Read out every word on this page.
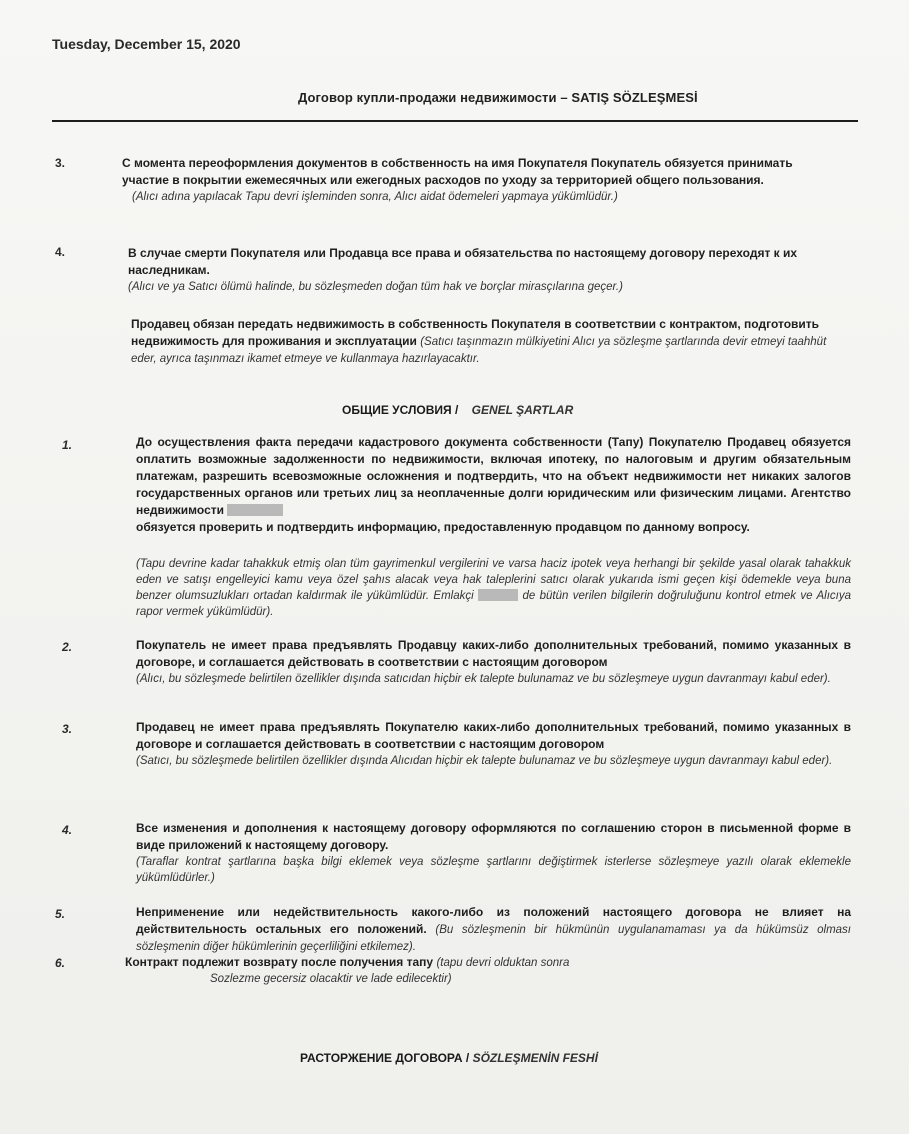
Tuesday, December 15, 2020
Договор купли-продажи недвижимости – SATIŞ SÖZLEŞMESİ
3.	С момента переоформления документов в собственность на имя Покупателя Покупатель обязуется принимать участие в покрытии ежемесячных или ежегодных расходов по уходу за территорией общего пользования.
(Alıcı adına yapılacak Tapu devri işleminden sonra, Alıcı aidat ödemeleri yapmaya yükümlüdür.)
4.	В случае смерти Покупателя или Продавца все права и обязательства по настоящему договору переходят к их наследникам.
(Alıcı ve ya Satıcı ölümü halinde, bu sözleşmeden doğan tüm hak ve borçlar mirasçılarına geçer.)
Продавец обязан передать недвижимость в собственность Покупателя в соответствии с контрактом, подготовить недвижимость для проживания и эксплуатации (Satıcı taşınmazın mülkiyetini Alıcı ya sözleşme şartlarında devir etmeyi taahhüt eder, ayrıca taşınmazı ikamet etmeye ve kullanmaya hazırlayacaktır.
ОБЩИЕ УСЛОВИЯ / GENEL ŞARTLAR
1.	До осуществления факта передачи кадастрового документа собственности (Тапу) Покупателю Продавец обязуется оплатить возможные задолженности по недвижимости, включая ипотеку, по налоговым и другим обязательным платежам, разрешить всевозможные осложнения и подтвердить, что на объект недвижимости нет никаких залогов государственных органов или третьих лиц за неоплаченные долги юридическим или физическим лицами. Агентство недвижимости
обязуется проверить и подтвердить информацию, предоставленную продавцом по данному вопросу.
(Tapu devrine kadar tahakkuk etmiş olan tüm gayrimenkul vergilerini ve varsa haciz ipotek veya herhangi bir şekilde yasal olarak tahakkuk eden ve satışı engelleyici kamu veya özel şahıs alacak veya hak taleplerini satıcı olarak yukarıda ismi geçen kişi ödemekle veya buna benzer olumsuzlukları ortadan kaldırmak ile yükümlüdür. Emlakçi	de bütün verilen bilgilerin doğruluğunu kontrol etmek ve Alıcıya rapor vermek yükümlüdür).
2.	Покупатель не имеет права предъявлять Продавцу каких-либо дополнительных требований, помимо указанных в договоре, и соглашается действовать в соответствии с настоящим договором
(Alıcı, bu sözleşmede belirtilen özellikler dışında satıcıdan hiçbir ek talepte bulunamaz ve bu sözleşmeye uygun davranmayı kabul eder).
3.	Продавец не имеет права предъявлять Покупателю каких-либо дополнительных требований, помимо указанных в договоре и соглашается действовать в соответствии с настоящим договором
(Satıcı, bu sözleşmede belirtilen özellikler dışında Alıcıdan hiçbir ek talepte bulunamaz ve bu sözleşmeye uygun davranmayı kabul eder).
4.	Все изменения и дополнения к настоящему договору оформляются по соглашению сторон в письменной форме в виде приложений к настоящему договору.
(Taraflar kontrat şartlarına başka bilgi eklemek veya sözleşme şartlarını değiştirmek isterlerse sözleşmeye yazılı olarak eklemekle yükümlüdürler.)
5.	Неприменение или недействительность какого-либо из положений настоящего договора не влияет на действительность остальных его положений. (Bu sözleşmenin bir hükmünün uygulanamaması ya da hükümsüz olması sözleşmenin diğer hükümlerinin geçerliliğini etkilemez).
6.	Контракт подлежит возврату после получения тапу (tapu devri olduktan sonra
Sozlezme gecersiz olacaktir ve lade edilecektir)
РАСТОРЖЕНИЕ ДОГОВОРА / SÖZLEŞMENİN FESHİ
